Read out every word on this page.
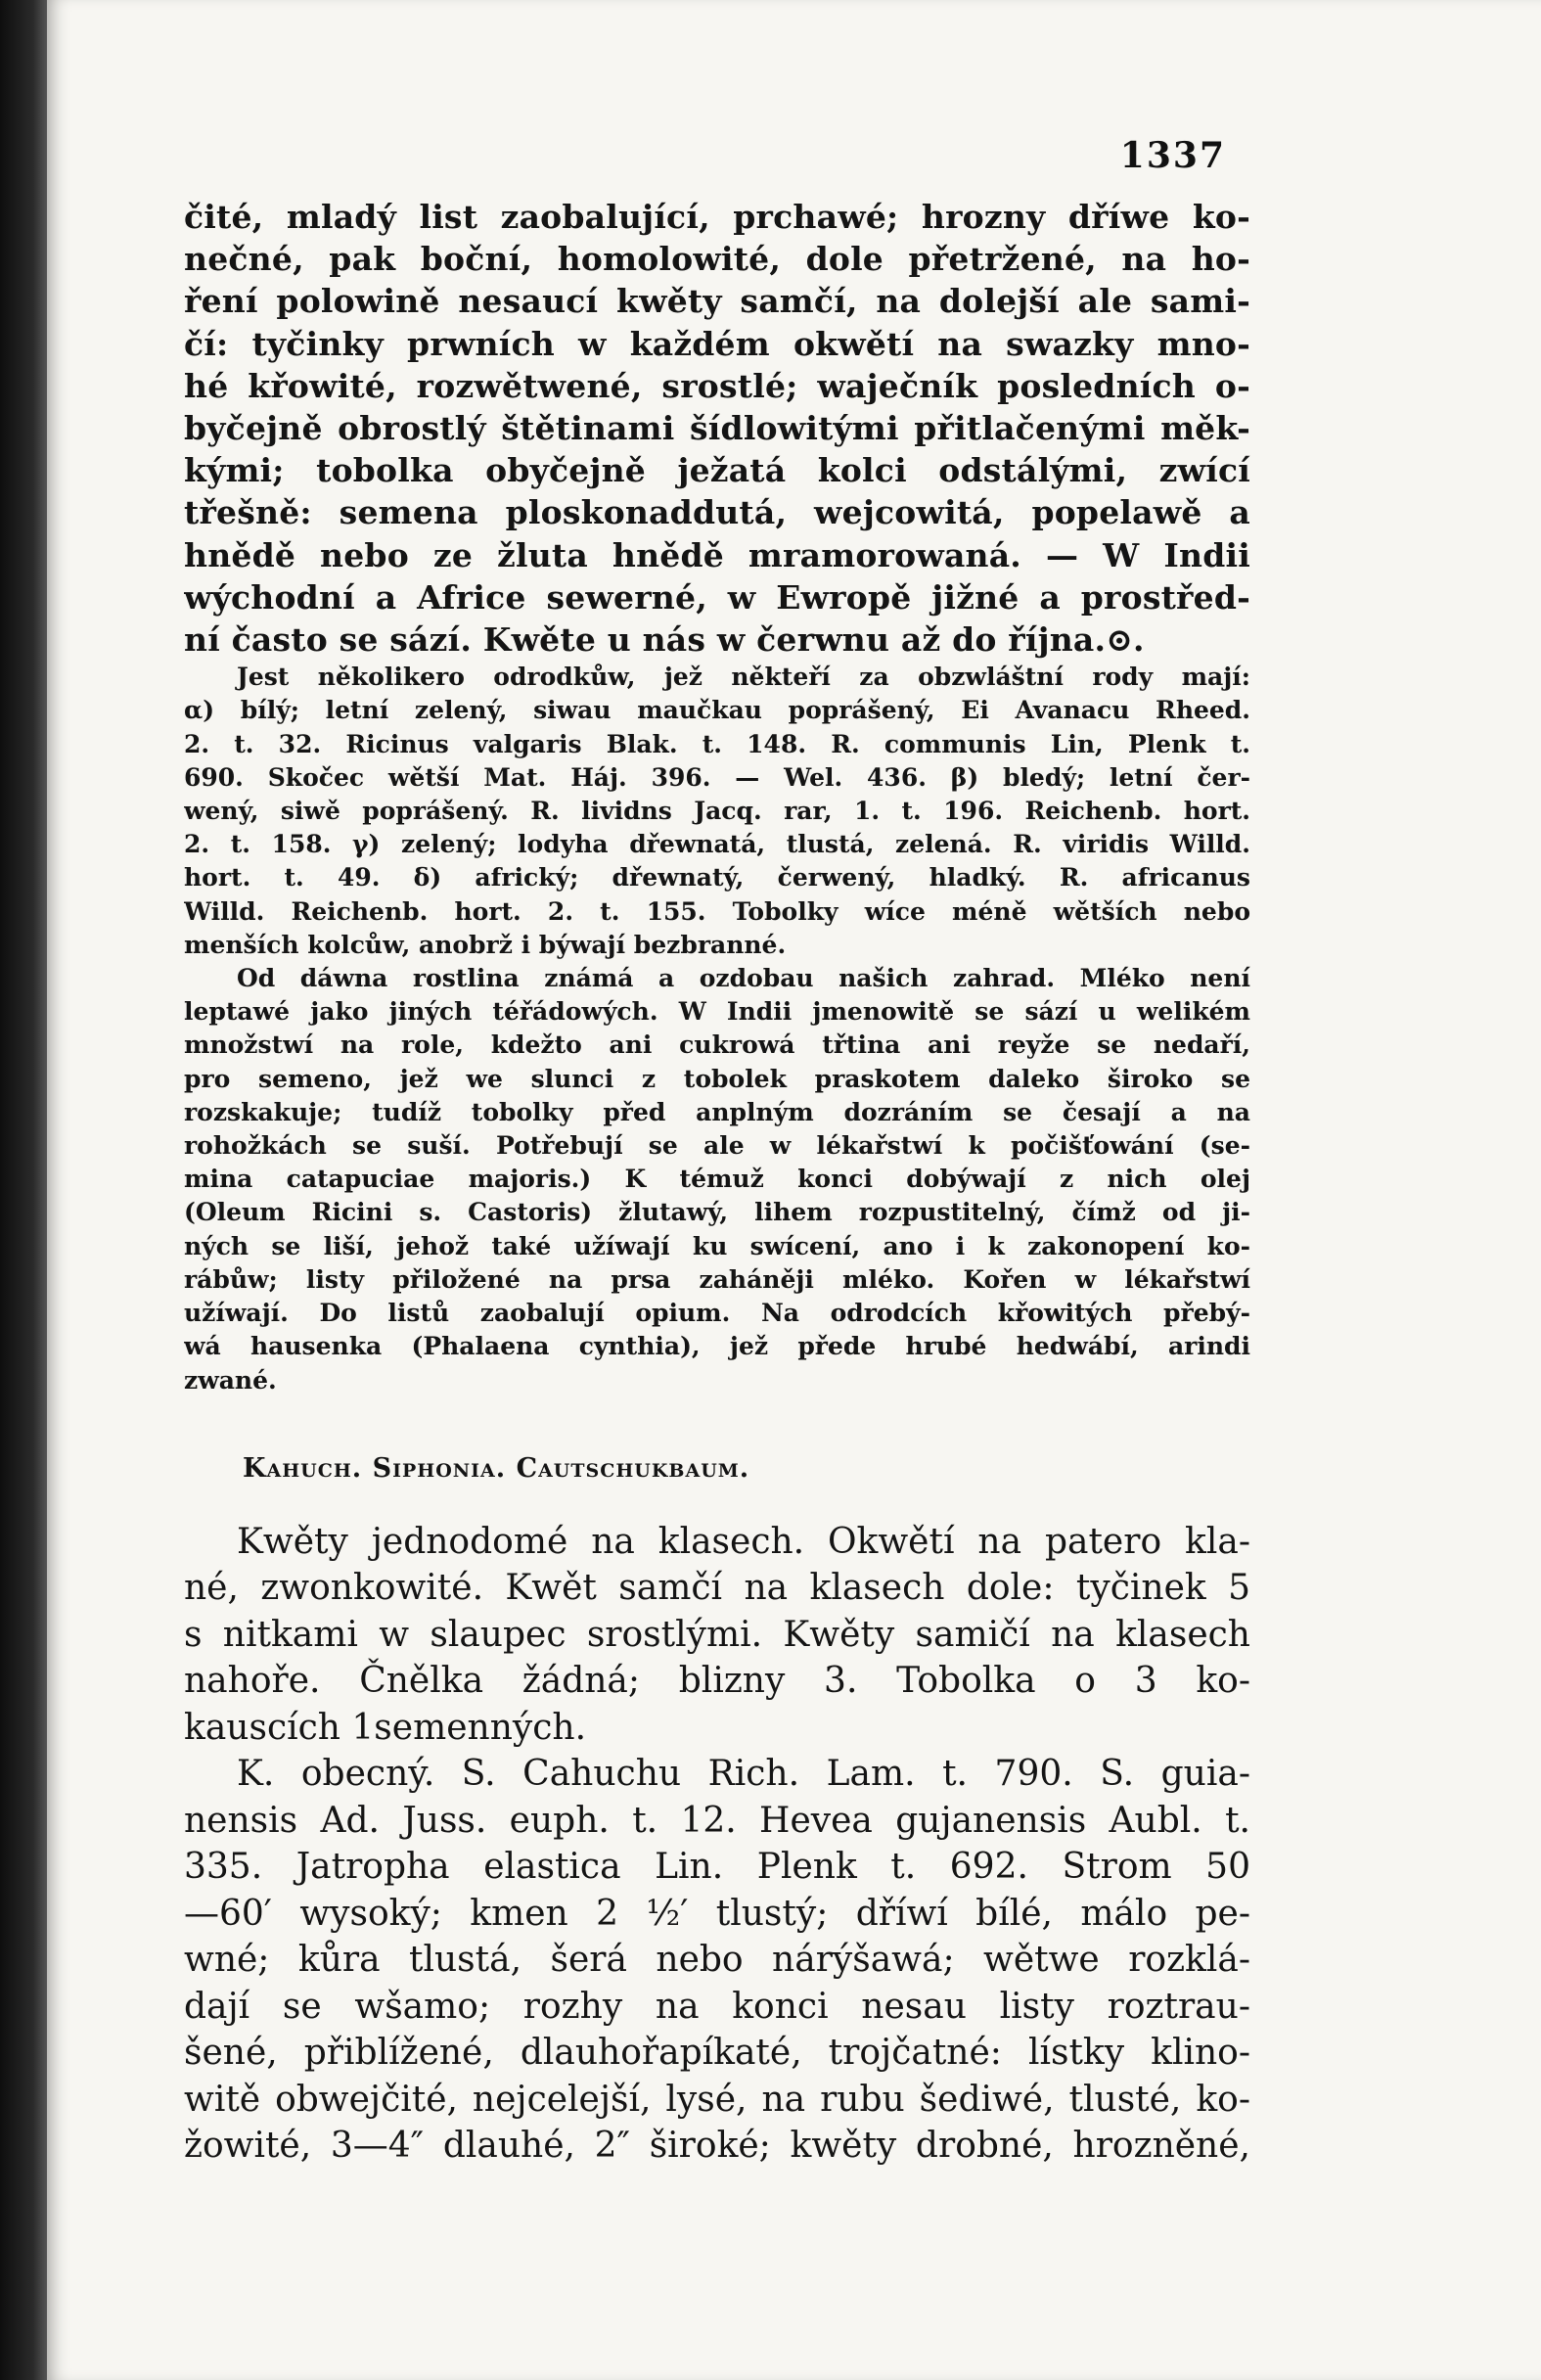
1337
čité, mladý list zaobalující, prchawé; hrozny dříwe ko-
nečné, pak boční, homolowité, dole přetržené, na ho-
ření polowině nesaucí kwěty samčí, na dolejší ale sami-
čí: tyčinky prwních w každém okwětí na swazky mno-
hé křowité, rozwětwené, srostlé; waječník posledních o-
byčejně obrostlý štětinami šídlowitými přitlačenými měk-
kými; tobolka obyčejně ježatá kolci odstálými, zwící
třešně: semena ploskonaddutá, wejcowitá, popelawě a
hnědě nebo ze žluta hnědě mramorowaná. — W Indii
wýchodní a Africe sewerné, w Ewropě jižné a prostřed-
ní často se sází. Kwěte u nás w čerwnu až do října.⊙.
Jest několikero odrodkůw, jež někteří za obzwláštní rody mají:
α) bílý; letní zelený, siwau maučkau poprášený, Ei Avanacu Rheed.
2. t. 32. Ricinus valgaris Blak. t. 148. R. communis Lin, Plenk t.
690. Skočec wětší Mat. Háj. 396. — Wel. 436. β) bledý; letní čer-
wený, siwě poprášený. R. lividns Jacq. rar, 1. t. 196. Reichenb. hort.
2. t. 158. γ) zelený; lodyha dřewnatá, tlustá, zelená. R. viridis Willd.
hort. t. 49. δ) africký; dřewnatý, čerwený, hladký. R. africanus
Willd. Reichenb. hort. 2. t. 155. Tobolky wíce méně wětších nebo
menších kolcůw, anobrž i býwají bezbranné.
Od dáwna rostlina známá a ozdobau našich zahrad. Mléko není
leptawé jako jiných téřádowých. W Indii jmenowitě se sází u welikém
množstwí na role, kdežto ani cukrowá třtina ani reyže se nedaří,
pro semeno, jež we slunci z tobolek praskotem daleko široko se
rozskakuje; tudíž tobolky před anplným dozráním se česají a na
rohožkách se suší. Potřebují se ale w lékařstwí k počišťowání (se-
mina catapuciae majoris.) K témuž konci dobýwají z nich olej
(Oleum Ricini s. Castoris) žlutawý, lihem rozpustitelný, čímž od ji-
ných se liší, jehož také užíwají ku swícení, ano i k zakonopení ko-
rábůw; listy přiložené na prsa zaháněji mléko. Kořen w lékařstwí
užíwají. Do listů zaobalují opium. Na odrodcích křowitých přebý-
wá hausenka (Phalaena cynthia), jež přede hrubé hedwábí, arindi
zwané.
Kahuch. Siphonia. Cautschukbaum.
Kwěty jednodomé na klasech. Okwětí na patero kla-
né, zwonkowité. Kwět samčí na klasech dole: tyčinek 5
s nitkami w slaupec srostlými. Kwěty samičí na klasech
nahoře. Čnělka žádná; blizny 3. Tobolka o 3 ko-
kauscích 1semenných.
K. obecný. S. Cahuchu Rich. Lam. t. 790. S. guia-
nensis Ad. Juss. euph. t. 12. Hevea gujanensis Aubl. t.
335. Jatropha elastica Lin. Plenk t. 692. Strom 50
—60′ wysoký; kmen 2 ½′ tlustý; dříwí bílé, málo pe-
wné; kůra tlustá, šerá nebo nárýšawá; wětwe rozklá-
dají se wšamo; rozhy na konci nesau listy roztrau-
šené, přiblížené, dlauhořapíkaté, trojčatné: lístky klino-
witě obwejčité, nejcelejší, lysé, na rubu šediwé, tlusté, ko-
žowité, 3—4″ dlauhé, 2″ široké; kwěty drobné, hrozněné,
